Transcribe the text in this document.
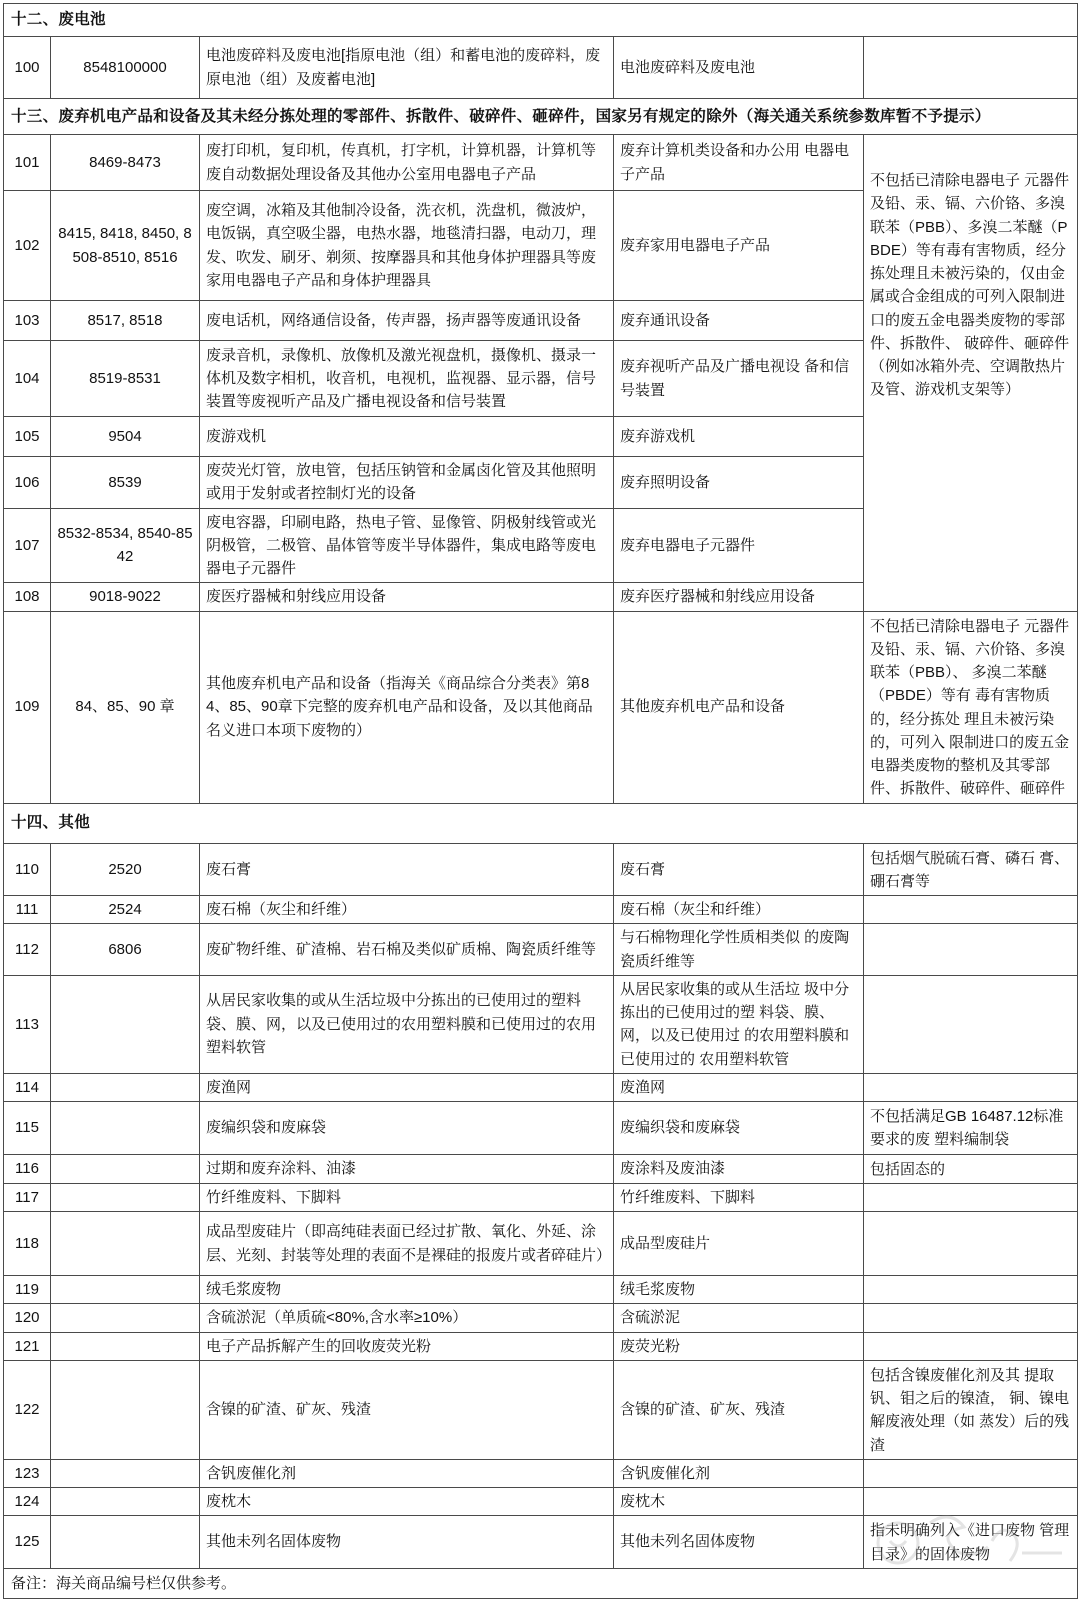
十二、废电池				
100	8548100000	电池废碎料及废电池[指原电池（组）和蓄电池的废碎料，废原电池（组）及废蓄电池]	电池废碎料及废电池	
十三、废弃机电产品和设备及其未经分拣处理的零部件、拆散件、破碎件、砸碎件，国家另有规定的除外（海关通关系统参数库暂不予提示）				
101	8469-8473	废打印机，复印机，传真机，打字机，计算机器，计算机等废自动数据处理设备及其他办公室用电器电子产品	废弃计算机类设备和办公用 电器电子产品	不包括已清除电器电子 元器件及铅、汞、镉、六价铬、多溴联苯（PBB）、多溴二苯醚（PBDE）等有毒有害物质，经分拣处理且未被污染的，仅由金属或合金组成的可列入限制进口的废五金电器类废物的零部件、拆散件、 破碎件、砸碎件（例如冰箱外壳、空调散热片及管、游戏机支架等）
102	8415, 8418, 8450, 8508-8510, 8516	废空调，冰箱及其他制冷设备，洗衣机，洗盘机，微波炉，电饭锅，真空吸尘器，电热水器，地毯清扫器，电动刀，理发、吹发、刷牙、剃须、按摩器具和其他身体护理器具等废家用电器电子产品和身体护理器具	废弃家用电器电子产品	
103	8517, 8518	废电话机，网络通信设备，传声器，扬声器等废通讯设备	废弃通讯设备	
104	8519-8531	废录音机，录像机、放像机及激光视盘机，摄像机、摄录一体机及数字相机，收音机，电视机，监视器、显示器，信号装置等废视听产品及广播电视设备和信号装置	废弃视听产品及广播电视设 备和信号装置	
105	9504	废游戏机	废弃游戏机	
106	8539	废荧光灯管，放电管，包括压钠管和金属卤化管及其他照明或用于发射或者控制灯光的设备	废弃照明设备	
107	8532-8534, 8540-8542	废电容器，印刷电路，热电子管、显像管、阴极射线管或光阴极管，二极管、晶体管等废半导体器件，集成电路等废电器电子元器件	废弃电器电子元器件	
108	9018-9022	废医疗器械和射线应用设备	废弃医疗器械和射线应用设备	
109	84、85、90 章	其他废弃机电产品和设备（指海关《商品综合分类表》第84、85、90章下完整的废弃机电产品和设备，及以其他商品名义进口本项下废物的）	其他废弃机电产品和设备	不包括已清除电器电子 元器件及铅、汞、镉、六价铬、多溴联苯（PBB）、 多溴二苯醚（PBDE）等有 毒有害物质的，经分拣处 理且未被污染的，可列入 限制进口的废五金电器类废物的整机及其零部件、拆散件、破碎件、砸碎件
十四、其他				
110	2520	废石膏	废石膏	包括烟气脱硫石膏、磷石 膏、硼石膏等
111	2524	废石棉（灰尘和纤维）	废石棉（灰尘和纤维）	
112	6806	废矿物纤维、矿渣棉、岩石棉及类似矿质棉、陶瓷质纤维等	与石棉物理化学性质相类似 的废陶瓷质纤维等	
113		从居民家收集的或从生活垃圾中分拣出的已使用过的塑料袋、膜、网，以及已使用过的农用塑料膜和已使用过的农用塑料软管	从居民家收集的或从生活垃 圾中分拣出的已使用过的塑 料袋、膜、网，以及已使用过 的农用塑料膜和已使用过的 农用塑料软管	
114		废渔网	废渔网	
115		废编织袋和废麻袋	废编织袋和废麻袋	不包括满足GB 16487.12标准要求的废 塑料编制袋
116		过期和废弃涂料、油漆	废涂料及废油漆	包括固态的
117		竹纤维废料、下脚料	竹纤维废料、下脚料	
118		成品型废硅片（即高纯硅表面已经过扩散、氧化、外延、涂层、光刻、封装等处理的表面不是裸硅的报废片或者碎硅片）	成品型废硅片	
119		绒毛浆废物	绒毛浆废物	
120		含硫淤泥（单质硫<80%,含水率≥10%）	含硫淤泥	
121		电子产品拆解产生的回收废荧光粉	废荧光粉	
122		含镍的矿渣、矿灰、残渣	含镍的矿渣、矿灰、残渣	包括含镍废催化剂及其 提取钒、钼之后的镍渣， 铜、镍电解废液处理（如 蒸发）后的残渣
123		含钒废催化剂	含钒废催化剂	
124		废枕木	废枕木	
125		其他未列名固体废物	其他未列名固体废物	指未明确列入《进口废物 管理目录》的固体废物
备注：海关商品编号栏仅供参考。				
